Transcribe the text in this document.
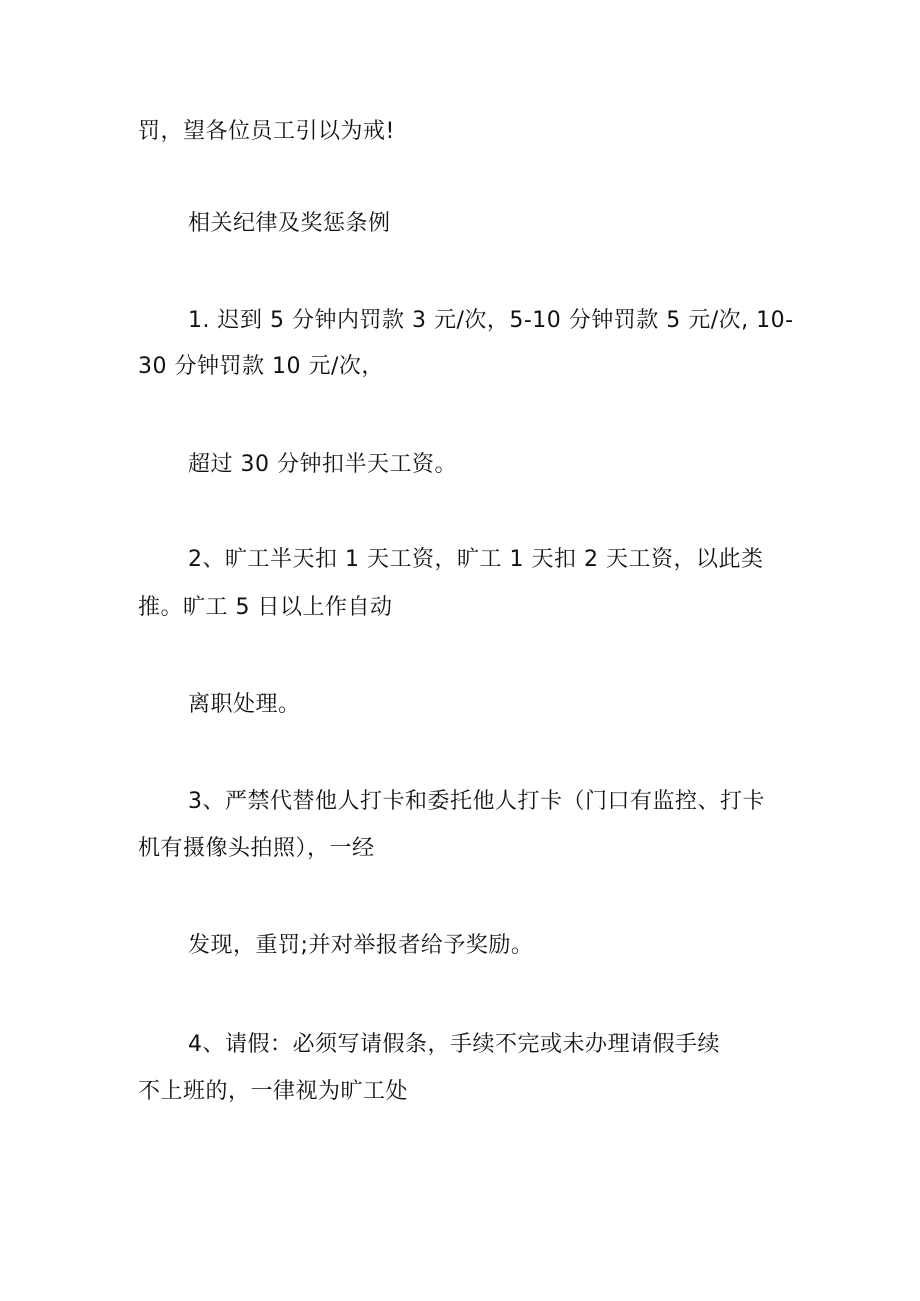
罚，望各位员工引以为戒!
相关纪律及奖惩条例
1. 迟到 5 分钟内罚款 3 元/次，5-10 分钟罚款 5 元/次, 10-
30 分钟罚款 10 元/次，
超过 30 分钟扣半天工资。
2、旷工半天扣 1 天工资，旷工 1 天扣 2 天工资，以此类
推。旷工 5 日以上作自动
离职处理。
3、严禁代替他人打卡和委托他人打卡（门口有监控、打卡
机有摄像头拍照），一经
发现，重罚;并对举报者给予奖励。
4、请假：必须写请假条，手续不完或未办理请假手续
不上班的，一律视为旷工处
